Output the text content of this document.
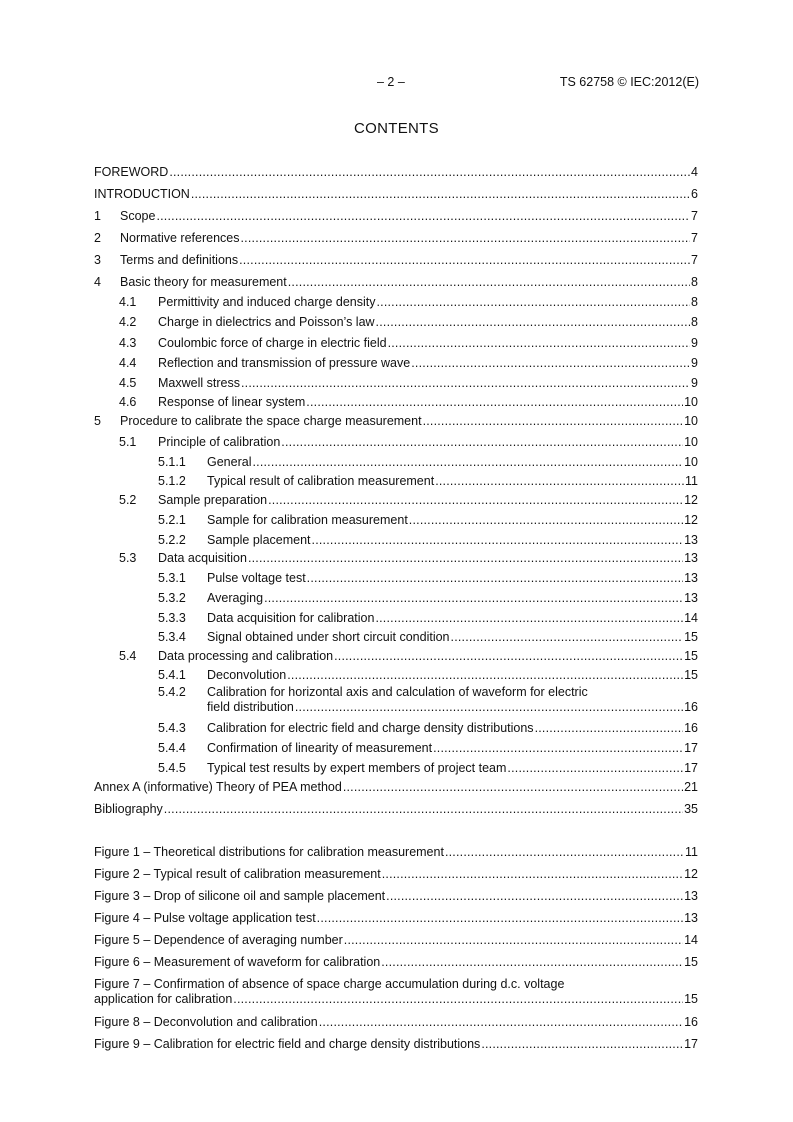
– 2 –	TS 62758 © IEC:2012(E)
CONTENTS
FOREWORD .....	4
INTRODUCTION .....	6
1 Scope .....	7
2 Normative references .....	7
3 Terms and definitions .....	7
4 Basic theory for measurement .....	8
4.1 Permittivity and induced charge density .....	8
4.2 Charge in dielectrics and Poisson’s law .....	8
4.3 Coulombic force of charge in electric field .....	9
4.4 Reflection and transmission of pressure wave .....	9
4.5 Maxwell stress .....	9
4.6 Response of linear system .....	10
5 Procedure to calibrate the space charge measurement .....	10
5.1 Principle of calibration .....	10
5.1.1 General .....	10
5.1.2 Typical result of calibration measurement .....	11
5.2 Sample preparation .....	12
5.2.1 Sample for calibration measurement .....	12
5.2.2 Sample placement .....	13
5.3 Data acquisition .....	13
5.3.1 Pulse voltage test .....	13
5.3.2 Averaging .....	13
5.3.3 Data acquisition for calibration .....	14
5.3.4 Signal obtained under short circuit condition .....	15
5.4 Data processing and calibration .....	15
5.4.1 Deconvolution .....	15
5.4.2 Calibration for horizontal axis and calculation of waveform for electric
field distribution .....	16
5.4.3 Calibration for electric field and charge density distributions .....	16
5.4.4 Confirmation of linearity of measurement .....	17
5.4.5 Typical test results by expert members of project team .....	17
Annex A (informative) Theory of PEA method .....	21
Bibliography .....	35
Figure 1 – Theoretical distributions for calibration measurement .....	11
Figure 2 – Typical result of calibration measurement .....	12
Figure 3 – Drop of silicone oil and sample placement .....	13
Figure 4 – Pulse voltage application test .....	13
Figure 5 – Dependence of averaging number .....	14
Figure 6 – Measurement of waveform for calibration .....	15
Figure 7 – Confirmation of absence of space charge accumulation during d.c. voltage
application for calibration .....	15
Figure 8 – Deconvolution and calibration .....	16
Figure 9 – Calibration for electric field and charge density distributions .....	17
